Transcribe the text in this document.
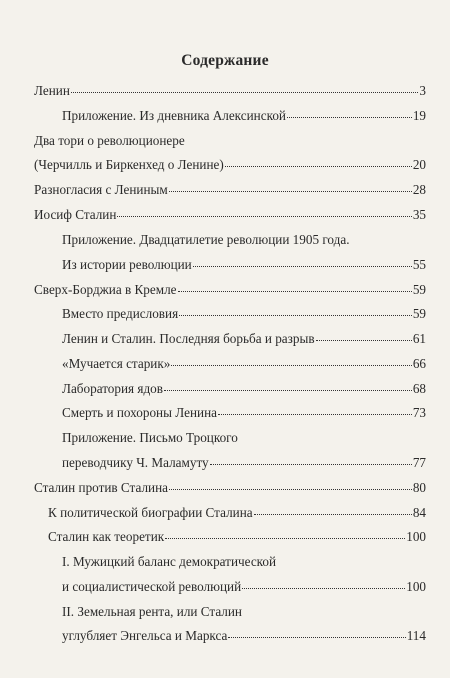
Содержание
Ленин	3
Приложение. Из дневника Алексинской	19
Два тори о революционере
(Черчилль и Биркенхед о Ленине)	20
Разногласия с Лениным	28
Иосиф Сталин	35
Приложение. Двадцатилетие революции 1905 года.
Из истории революции	55
Сверх-Борджиа в Кремле	59
Вместо предисловия	59
Ленин и Сталин. Последняя борьба и разрыв	61
«Мучается старик»	66
Лаборатория ядов	68
Смерть и похороны Ленина	73
Приложение. Письмо Троцкого
переводчику Ч. Маламуту	77
Сталин против Сталина	80
К политической биографии Сталина	84
Сталин как теоретик	100
I. Мужицкий баланс демократической
и социалистической революций	100
II. Земельная рента, или Сталин
углубляет Энгельса и Маркса	114
